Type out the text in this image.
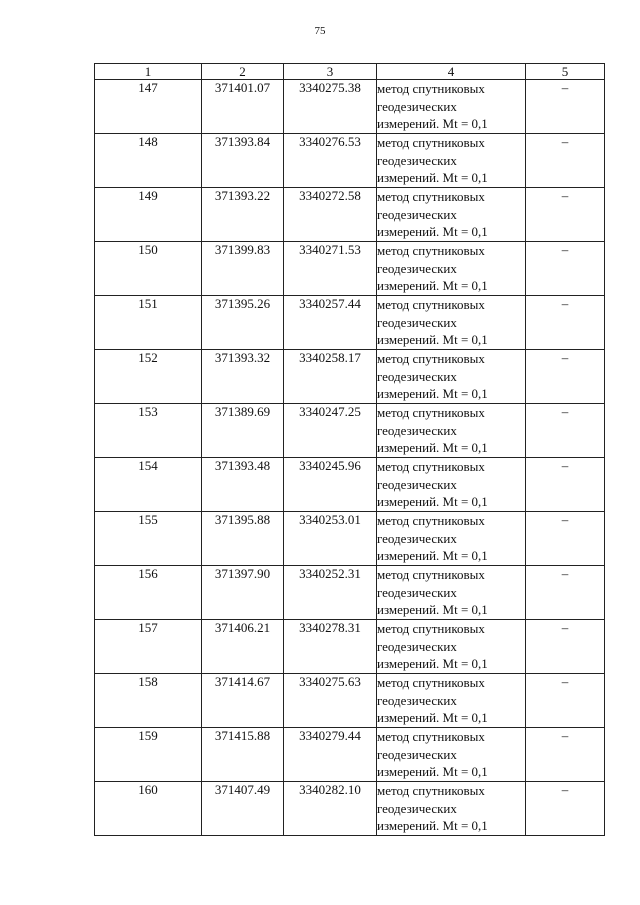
75
1	2	3	4	5
147	371401.07	3340275.38	метод спутниковых
геодезических
измерений. Mt = 0,1	–
148	371393.84	3340276.53	метод спутниковых
геодезических
измерений. Mt = 0,1	–
149	371393.22	3340272.58	метод спутниковых
геодезических
измерений. Mt = 0,1	–
150	371399.83	3340271.53	метод спутниковых
геодезических
измерений. Mt = 0,1	–
151	371395.26	3340257.44	метод спутниковых
геодезических
измерений. Mt = 0,1	–
152	371393.32	3340258.17	метод спутниковых
геодезических
измерений. Mt = 0,1	–
153	371389.69	3340247.25	метод спутниковых
геодезических
измерений. Mt = 0,1	–
154	371393.48	3340245.96	метод спутниковых
геодезических
измерений. Mt = 0,1	–
155	371395.88	3340253.01	метод спутниковых
геодезических
измерений. Mt = 0,1	–
156	371397.90	3340252.31	метод спутниковых
геодезических
измерений. Mt = 0,1	–
157	371406.21	3340278.31	метод спутниковых
геодезических
измерений. Mt = 0,1	–
158	371414.67	3340275.63	метод спутниковых
геодезических
измерений. Mt = 0,1	–
159	371415.88	3340279.44	метод спутниковых
геодезических
измерений. Mt = 0,1	–
160	371407.49	3340282.10	метод спутниковых
геодезических
измерений. Mt = 0,1	–
